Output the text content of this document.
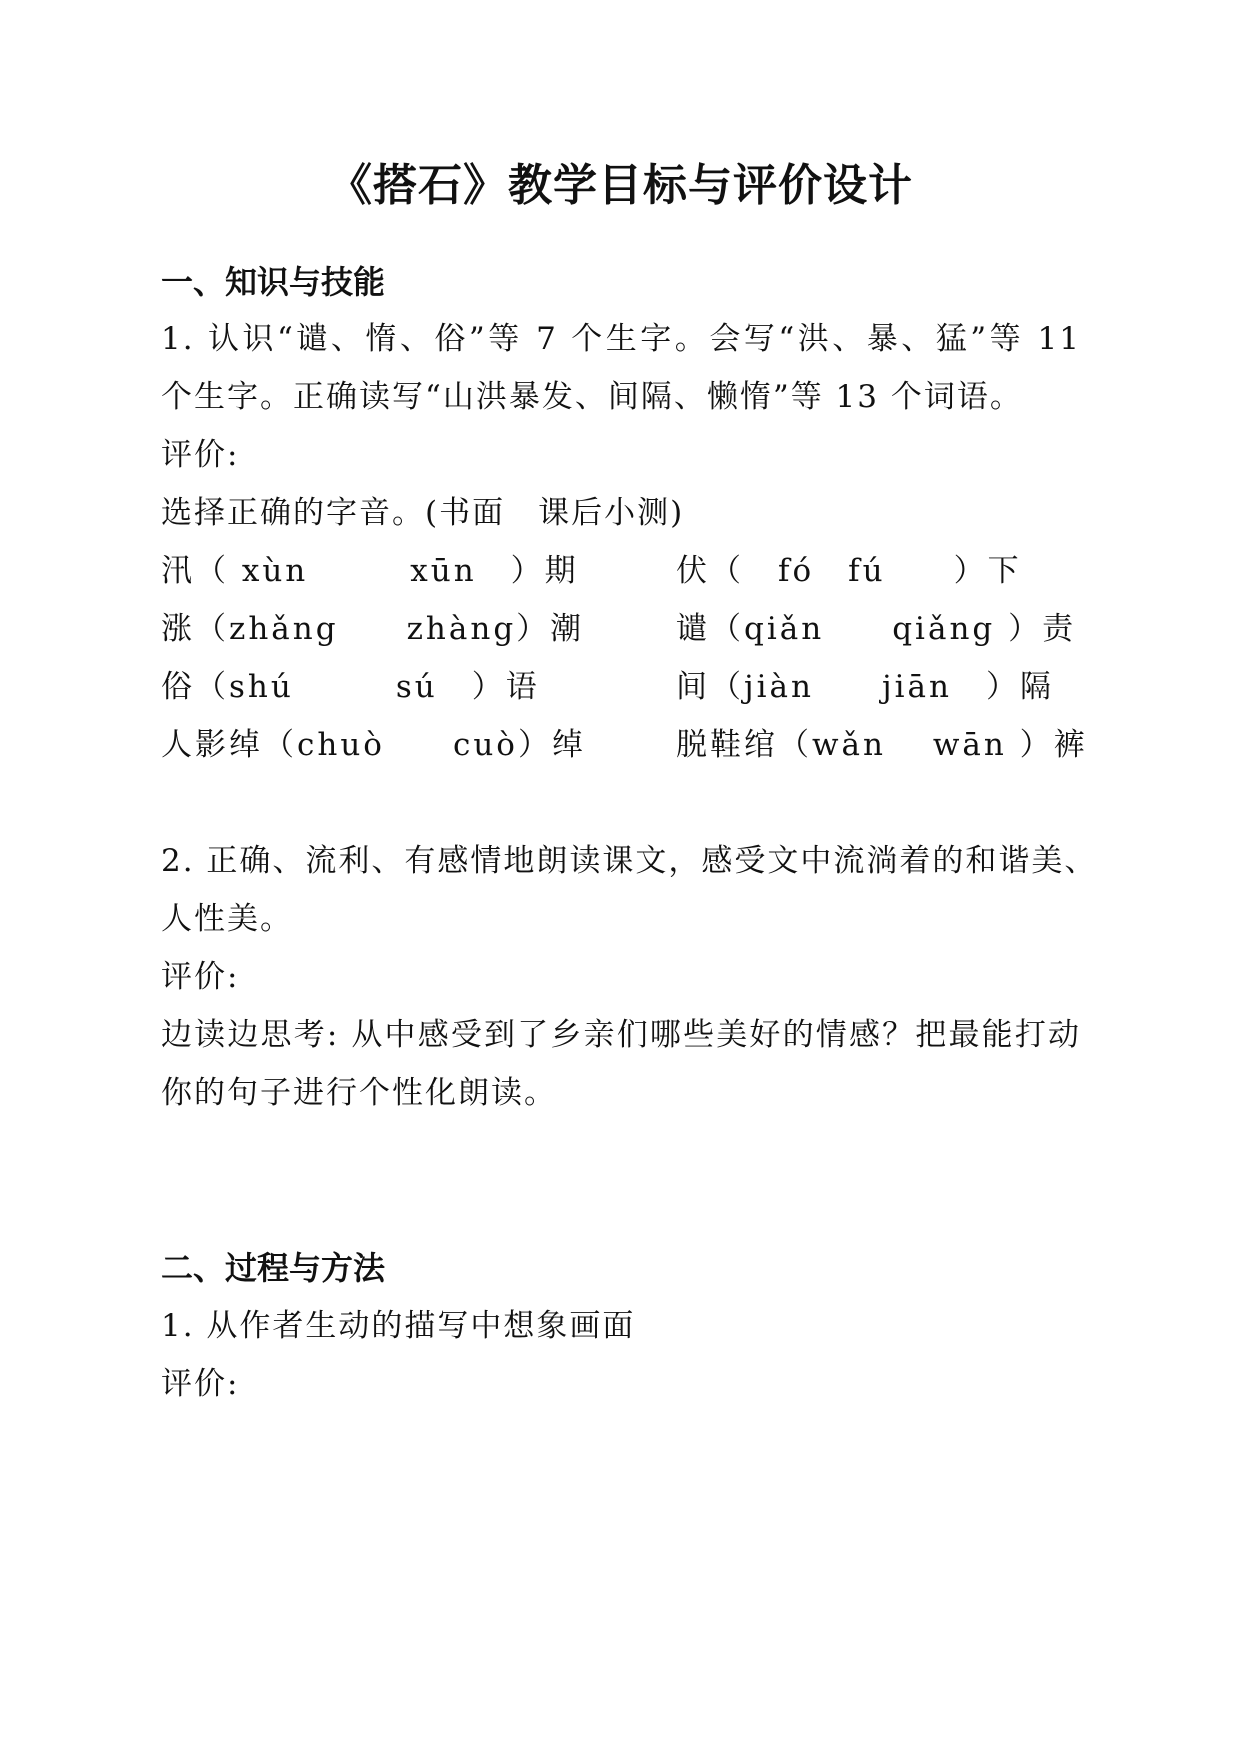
《搭石》教学目标与评价设计
一、知识与技能
1. 认识“谴、惰、俗”等 7 个生字。会写“洪、暴、猛”等 11
个生字。正确读写“山洪暴发、间隔、懒惰”等 13 个词语。
评价:
选择正确的字音。(书面　课后小测)
汛（ xùn　　　xūn　）期	伏（　fó　fú　　）下
涨（zhǎng　　zhàng）潮	谴（qiǎn　　qiǎng ）责
俗（shú　　　sú　）语	间（jiàn　　jiān　）隔
人影绰（chuò　　cuò）绰	脱鞋绾（wǎn　 wān ）裤
2. 正确、流利、有感情地朗读课文，感受文中流淌着的和谐美、
人性美。
评价:
边读边思考: 从中感受到了乡亲们哪些美好的情感？把最能打动
你的句子进行个性化朗读。
二、过程与方法
1. 从作者生动的描写中想象画面
评价:
